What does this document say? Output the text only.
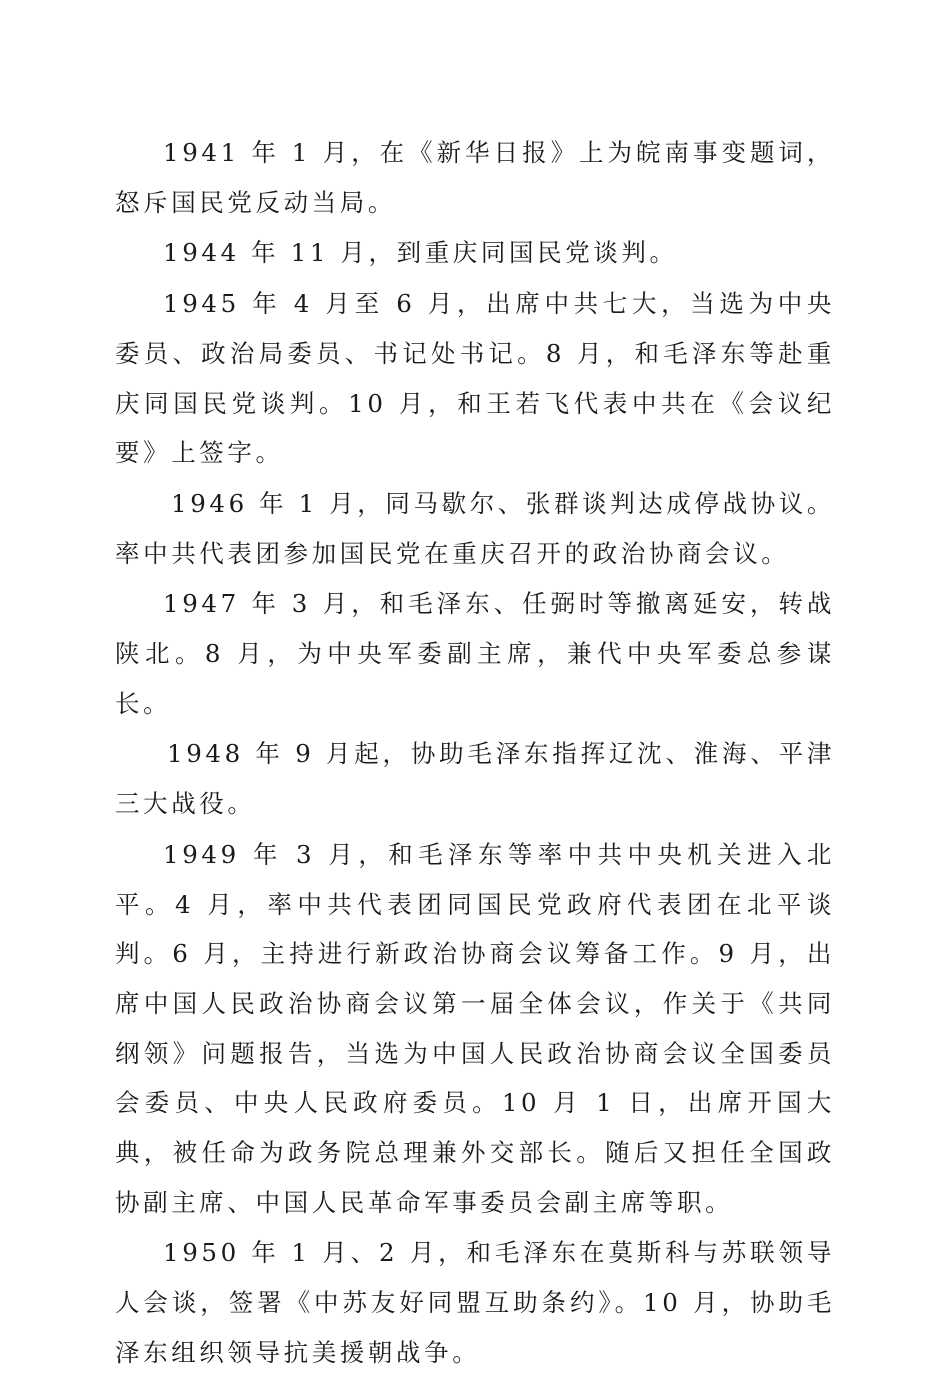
1941 年 1 月，在《新华日报》上为皖南事变题词，怒斥国民党反动当局。

1944 年 11 月，到重庆同国民党谈判。

1945 年 4 月至 6 月，出席中共七大，当选为中央委员、政治局委员、书记处书记。8 月，和毛泽东等赴重庆同国民党谈判。10 月，和王若飞代表中共在《会议纪要》上签字。

1946 年 1 月，同马歇尔、张群谈判达成停战协议。率中共代表团参加国民党在重庆召开的政治协商会议。

1947 年 3 月，和毛泽东、任弼时等撤离延安，转战陕北。8 月，为中央军委副主席，兼代中央军委总参谋长。

1948 年 9 月起，协助毛泽东指挥辽沈、淮海、平津三大战役。

1949 年 3 月，和毛泽东等率中共中央机关进入北平。4 月，率中共代表团同国民党政府代表团在北平谈判。6 月，主持进行新政治协商会议筹备工作。9 月，出席中国人民政治协商会议第一届全体会议，作关于《共同纲领》问题报告，当选为中国人民政治协商会议全国委员会委员、中央人民政府委员。10 月 1 日，出席开国大典，被任命为政务院总理兼外交部长。随后又担任全国政协副主席、中国人民革命军事委员会副主席等职。

1950 年 1 月、2 月，和毛泽东在莫斯科与苏联领导人会谈，签署《中苏友好同盟互助条约》。10 月，协助毛泽东组织领导抗美援朝战争。
